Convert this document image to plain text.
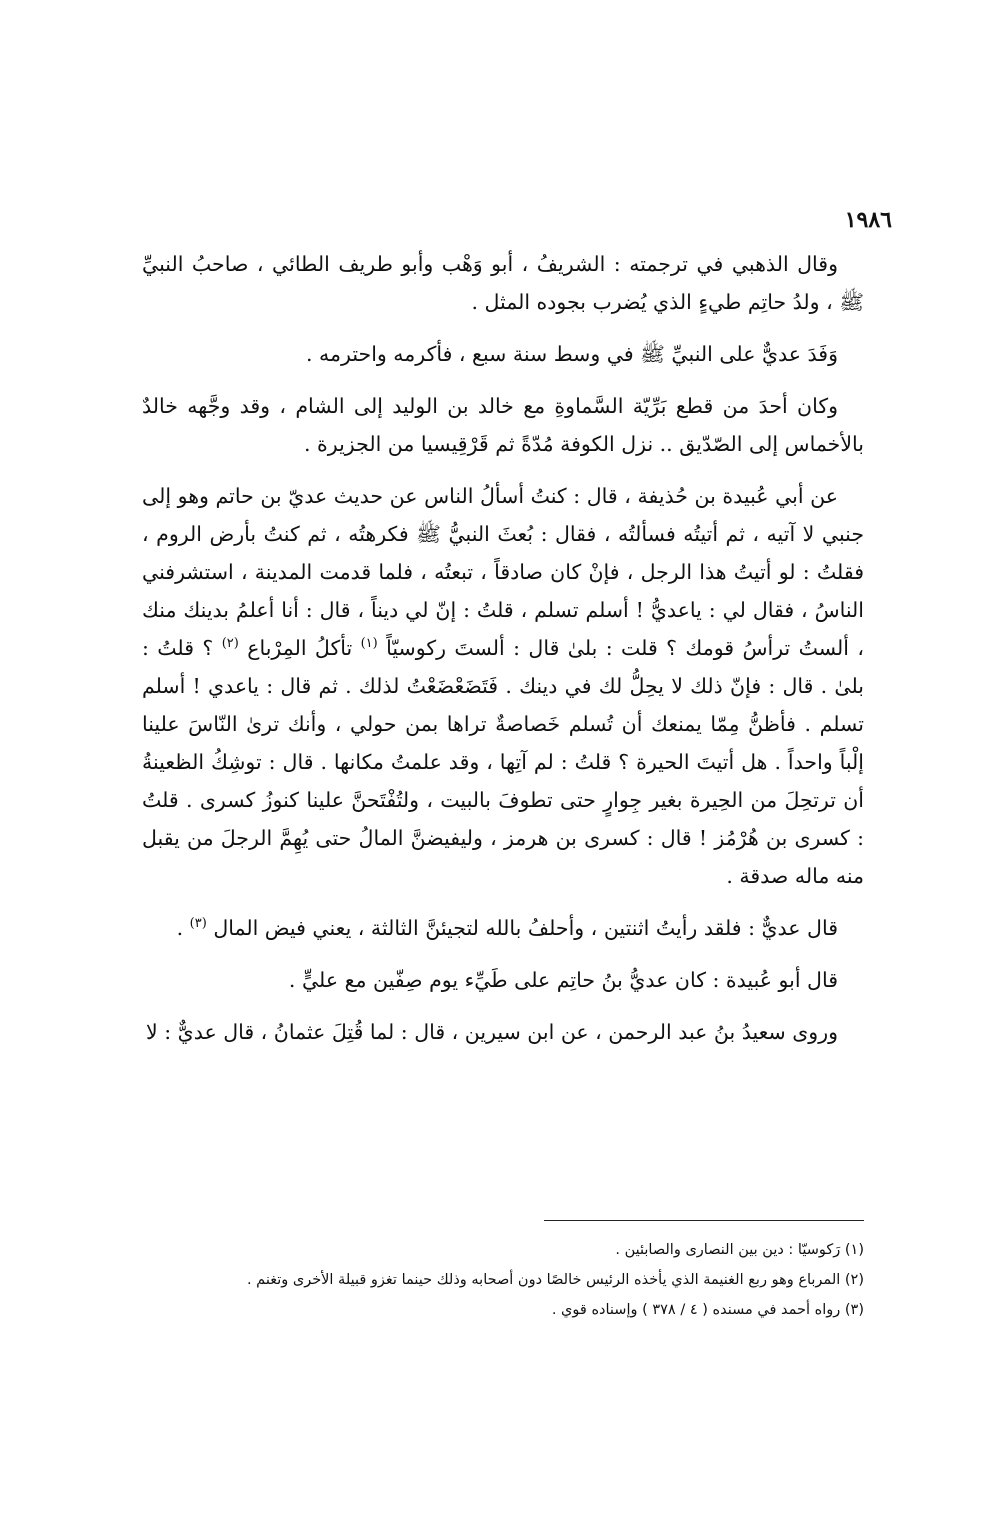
١٩٨٦

وقال الذهبي في ترجمته : الشريفُ ، أبو وَهْب وأبو طريف الطائي ، صاحبُ النبيِّ ﷺ ، ولدُ حاتِم طيءٍ الذي يُضرب بجوده المثل .

وَفَدَ عديٌّ على النبيِّ ﷺ في وسط سنة سبع ، فأكرمه واحترمه .

وكان أحدَ من قطع بَرِّيّة السَّماوةِ مع خالد بن الوليد إلى الشام ، وقد وجَّهه خالدٌ بالأخماس إلى الصّدّيق .. نزل الكوفة مُدّةً ثم قَرْقِيسيا من الجزيرة .

عن أبي عُبيدة بن حُذيفة ، قال : كنتُ أسألُ الناس عن حديث عديّ بن حاتم وهو إلى جنبي لا آتيه ، ثم أتيتُه فسألتُه ، فقال : بُعثَ النبيُّ ﷺ فكرهتُه ، ثم كنتُ بأرض الروم ، فقلتُ : لو أتيتُ هذا الرجل ، فإنْ كان صادقاً ، تبعتُه ، فلما قدمت المدينة ، استشرفني الناسُ ، فقال لي : ياعديُّ ! أسلم تسلم ، قلتُ : إنّ لي ديناً ، قال : أنا أعلمُ بدينك منك ، ألستُ ترأسُ قومك ؟ قلت : بلىٰ قال : ألستَ ركوسيّاً $^{(١)}$ تأكلُ المِرْباع $^{(٢)}$ ؟ قلتُ : بلىٰ . قال : فإنّ ذلك لا يحِلُّ لك في دينك . فَتَضَعْضَعْتُ لذلك . ثم قال : ياعدي ! أسلم تسلم . فأظنُّ مِمّا يمنعك أن تُسلم خَصاصةٌ تراها بمن حولي ، وأنك ترىٰ النّاسَ علينا إلْباً واحداً . هل أتيتَ الحيرة ؟ قلتُ : لم آتِها ، وقد علمتُ مكانها . قال : توشِكُ الظعينةُ أن ترتحِلَ من الحِيرة بغير جِوارٍ حتى تطوفَ بالبيت ، ولتُفْتَحنَّ علينا كنوزُ كسرى . قلتُ : كسرى بن هُرْمُز ! قال : كسرى بن هرمز ، وليفيضنَّ المالُ حتى يُهِمَّ الرجلَ من يقبل منه ماله صدقة .

قال عديٌّ : فلقد رأيتُ اثنتين ، وأحلفُ بالله لتجيئنَّ الثالثة ، يعني فيض المال $^{(٣)}$ .

قال أبو عُبيدة : كان عديُّ بنُ حاتِم على طَيِّء يوم صِفّين مع عليٍّ .

وروى سعيدُ بنُ عبد الرحمن ، عن ابن سيرين ، قال : لما قُتِلَ عثمانُ ، قال عديٌّ : لا

(١) رَكوسيّا : دين بين النصارى والصابئين .

(٢) المرباع وهو ربع الغنيمة الذي يأخذه الرئيس خالصًا دون أصحابه وذلك حينما تغزو قبيلة الأخرى وتغنم .

(٣) رواه أحمد في مسنده ( ٤ / ٣٧٨ ) وإسناده قوي .
